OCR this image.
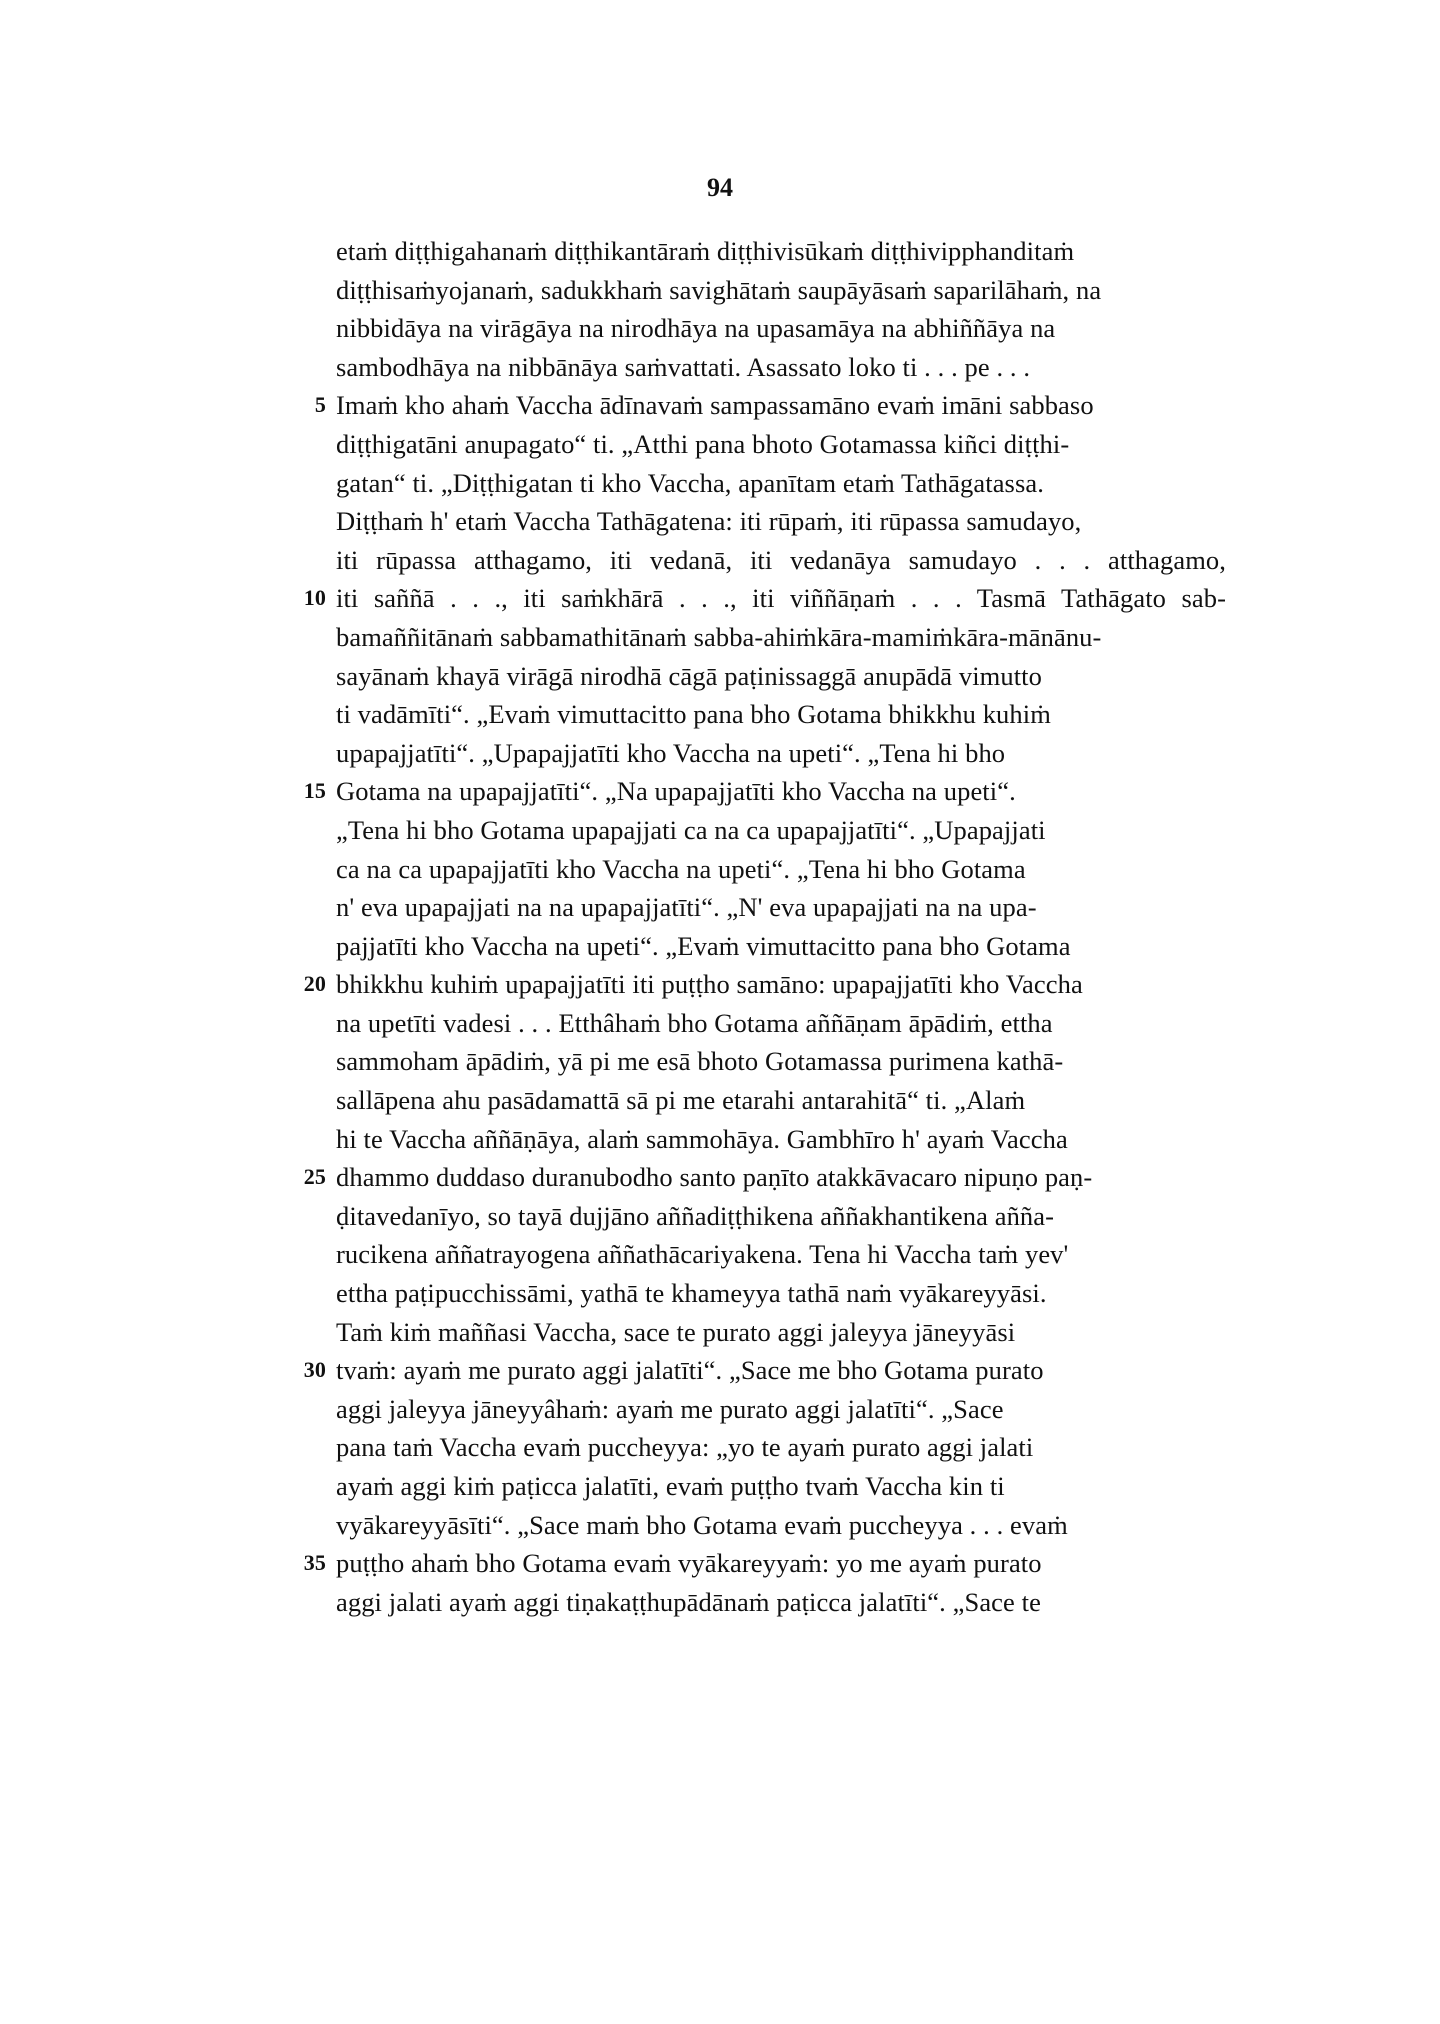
94
etaṁ diṭṭhigahanaṁ diṭṭhikantāraṁ diṭṭhivisūkaṁ diṭṭhivipphanditaṁ
diṭṭhisaṁyojanaṁ, sadukkhaṁ savighātaṁ saupāyāsaṁ saparilāhaṁ, na
nibbidāya na virāgāya na nirodhāya na upasamāya na abhiññāya na
sambodhāya na nibbānāya saṁvattati. Asassato loko ti . . . pe . . .
5 Imaṁ kho ahaṁ Vaccha ādīnavaṁ sampassamāno evaṁ imāni sabbaso
diṭṭhigatāni anupagato“ ti. „Atthi pana bhoto Gotamassa kiñci diṭṭhi-
gatan“ ti. „Diṭṭhigatan ti kho Vaccha, apanītam etaṁ Tathāgatassa.
Diṭṭhaṁ h' etaṁ Vaccha Tathāgatena: iti rūpaṁ, iti rūpassa samudayo,
iti rūpassa atthagamo, iti vedanā, iti vedanāya samudayo . . . atthagamo,
10 iti saññā . . ., iti saṁkhārā . . ., iti viññāṇaṁ . . . Tasmā Tathāgato sab-
bamaññitānaṁ sabbamathitānaṁ sabba-ahiṁkāra-mamiṁkāra-mānānu-
sayānaṁ khayā virāgā nirodhā cāgā paṭinissaggā anupādā vimutto
ti vadāmīti“. „Evaṁ vimuttacitto pana bho Gotama bhikkhu kuhiṁ
upapajjatīti“. „Upapajjatīti kho Vaccha na upeti“. „Tena hi bho
15 Gotama na upapajjatīti“. „Na upapajjatīti kho Vaccha na upeti“.
„Tena hi bho Gotama upapajjati ca na ca upapajjatīti“. „Upapajjati
ca na ca upapajjatīti kho Vaccha na upeti“. „Tena hi bho Gotama
n' eva upapajjati na na upapajjatīti“. „N' eva upapajjati na na upa-
pajjatīti kho Vaccha na upeti“. „Evaṁ vimuttacitto pana bho Gotama
20 bhikkhu kuhiṁ upapajjatīti iti puṭṭho samāno: upapajjatīti kho Vaccha
na upetīti vadesi . . . Etthâhaṁ bho Gotama aññāṇam āpādiṁ, ettha
sammoham āpādiṁ, yā pi me esā bhoto Gotamassa purimena kathā-
sallāpena ahu pasādamattā sā pi me etarahi antarahitā“ ti. „Alaṁ
hi te Vaccha aññāṇāya, alaṁ sammohāya. Gambhīro h' ayaṁ Vaccha
25 dhammo duddaso duranubodho santo paṇīto atakkāvacaro nipuṇo paṇ-
ḍitavedanīyo, so tayā dujjāno aññadiṭṭhikena aññakhantikena añña-
rucikena aññatrayogena aññathācariyakena. Tena hi Vaccha taṁ yev'
ettha paṭipucchissāmi, yathā te khameyya tathā naṁ vyākareyyāsi.
Taṁ kiṁ maññasi Vaccha, sace te purato aggi jaleyya jāneyyāsi
30 tvaṁ: ayaṁ me purato aggi jalatīti“. „Sace me bho Gotama purato
aggi jaleyya jāneyyâhaṁ: ayaṁ me purato aggi jalatīti“. „Sace
pana taṁ Vaccha evaṁ puccheyya: „yo te ayaṁ purato aggi jalati
ayaṁ aggi kiṁ paṭicca jalatīti, evaṁ puṭṭho tvaṁ Vaccha kin ti
vyākareyyāsīti“. „Sace maṁ bho Gotama evaṁ puccheyya . . . evaṁ
35 puṭṭho ahaṁ bho Gotama evaṁ vyākareyyaṁ: yo me ayaṁ purato
aggi jalati ayaṁ aggi tiṇakaṭṭhupādānaṁ paṭicca jalatīti“. „Sace te
